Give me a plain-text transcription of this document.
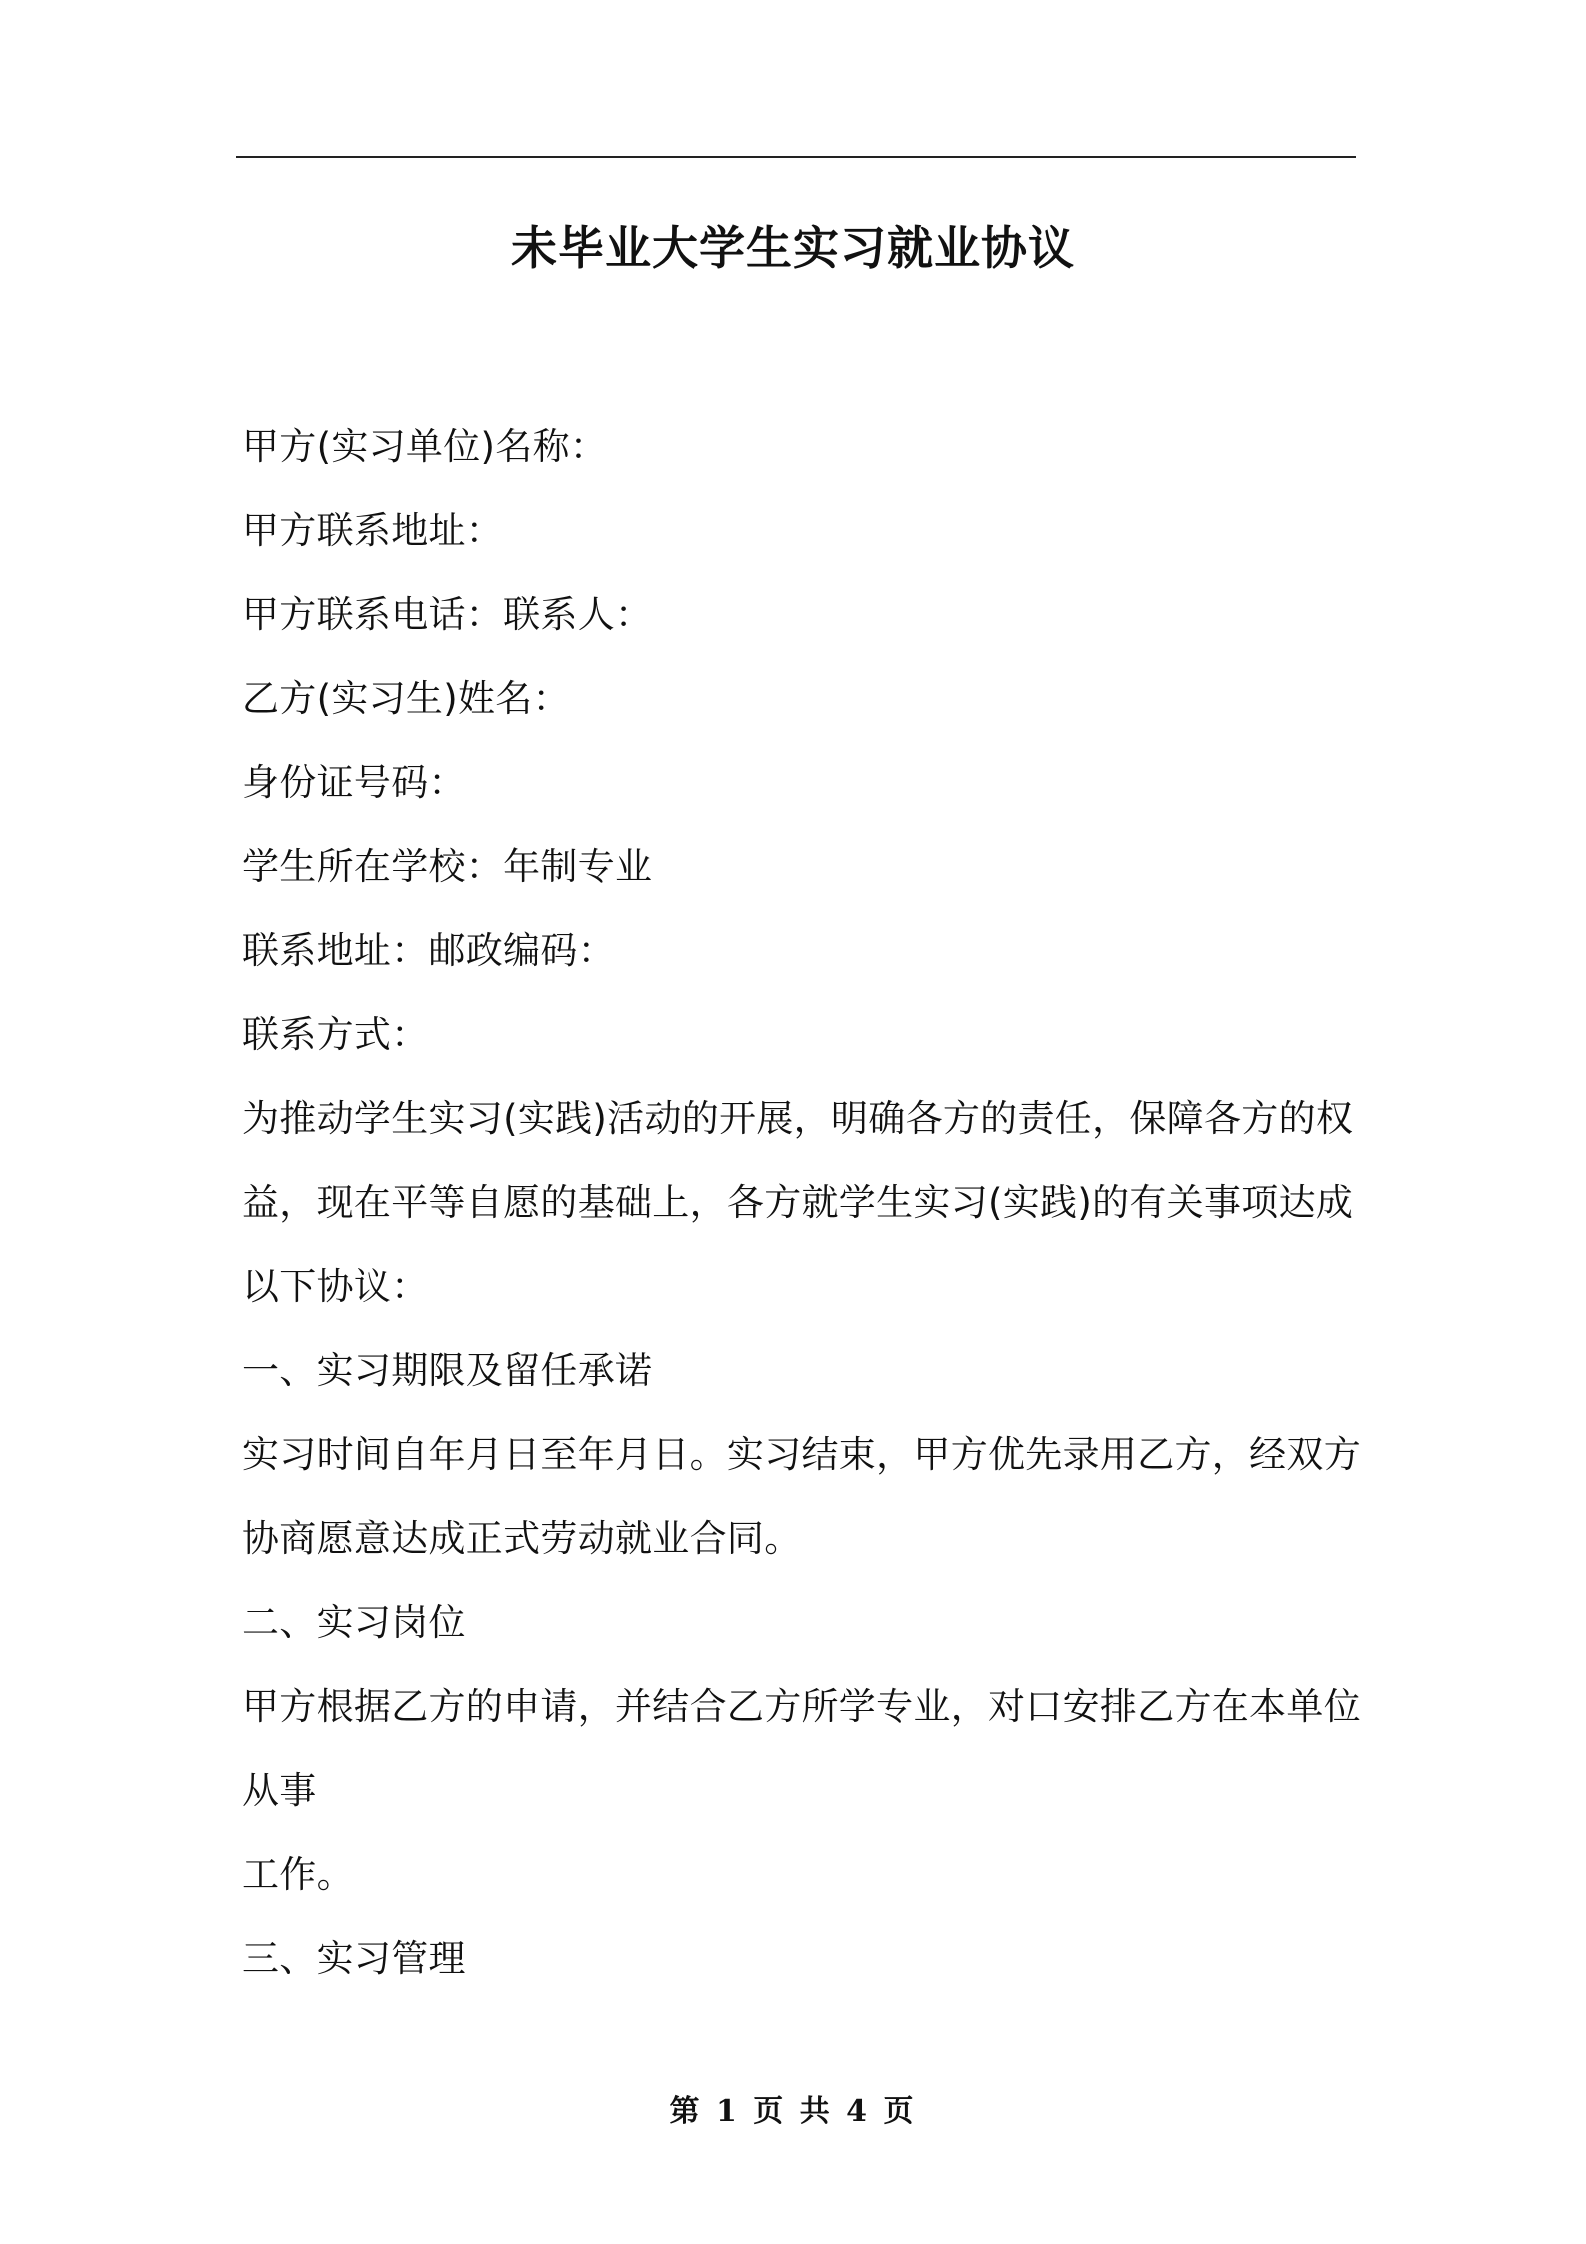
未毕业大学生实习就业协议
甲方(实习单位)名称：
甲方联系地址：
甲方联系电话：联系人：
乙方(实习生)姓名：
身份证号码：
学生所在学校：年制专业
联系地址：邮政编码：
联系方式：
为推动学生实习(实践)活动的开展，明确各方的责任，保障各方的权
益，现在平等自愿的基础上，各方就学生实习(实践)的有关事项达成
以下协议：
一、实习期限及留任承诺
实习时间自年月日至年月日。实习结束，甲方优先录用乙方，经双方
协商愿意达成正式劳动就业合同。
二、实习岗位
甲方根据乙方的申请，并结合乙方所学专业，对口安排乙方在本单位
从事
工作。
三、实习管理
第 1 页 共 4 页
